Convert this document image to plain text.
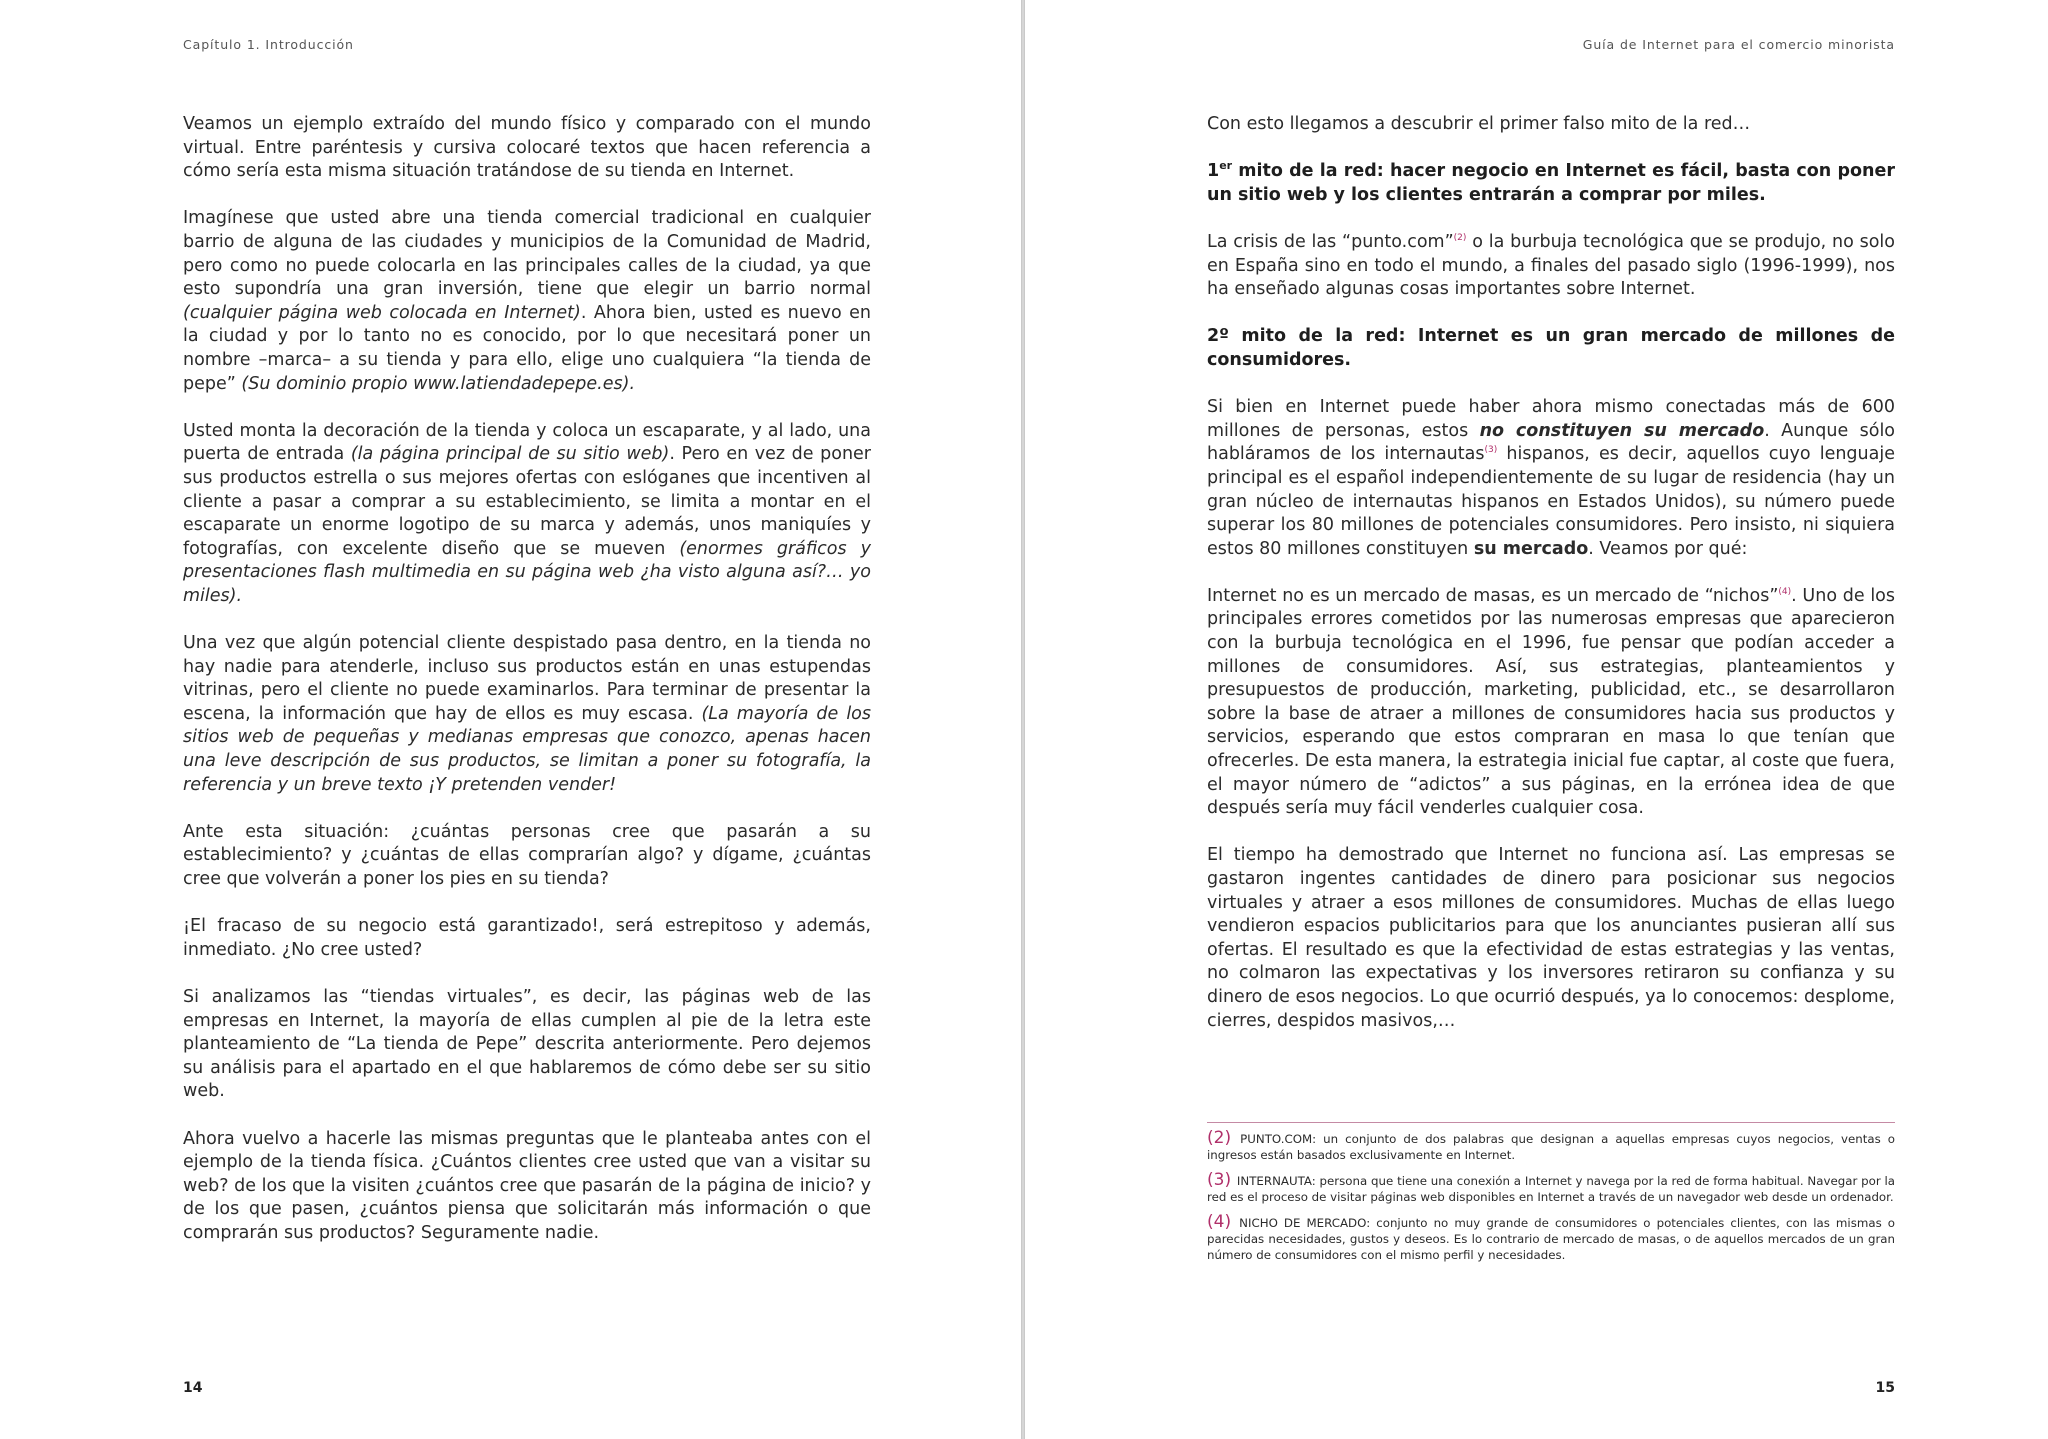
Capítulo 1. Introducción

Veamos un ejemplo extraído del mundo físico y comparado con el mundo virtual. Entre paréntesis y cursiva colocaré textos que hacen referencia a cómo sería esta misma situación tratándose de su tienda en Internet.

Imagínese que usted abre una tienda comercial tradicional en cualquier barrio de alguna de las ciudades y municipios de la Comunidad de Madrid, pero como no puede colocarla en las principales calles de la ciudad, ya que esto supondría una gran inversión, tiene que elegir un barrio normal (cualquier página web colocada en Internet). Ahora bien, usted es nuevo en la ciudad y por lo tanto no es conocido, por lo que necesitará poner un nombre –marca– a su tienda y para ello, elige uno cualquiera “la tienda de pepe” (Su dominio propio www.latiendadepepe.es).

Usted monta la decoración de la tienda y coloca un escaparate, y al lado, una puerta de entrada (la página principal de su sitio web). Pero en vez de poner sus productos estrella o sus mejores ofertas con eslóganes que incentiven al cliente a pasar a comprar a su establecimiento, se limita a montar en el escaparate un enorme logotipo de su marca y además, unos maniquíes y fotografías, con excelente diseño que se mueven (enormes gráficos y presentaciones flash multimedia en su página web ¿ha visto alguna así?… yo miles).

Una vez que algún potencial cliente despistado pasa dentro, en la tienda no hay nadie para atenderle, incluso sus productos están en unas estupendas vitrinas, pero el cliente no puede examinarlos. Para terminar de presentar la escena, la información que hay de ellos es muy escasa. (La mayoría de los sitios web de pequeñas y medianas empresas que conozco, apenas hacen una leve descripción de sus productos, se limitan a poner su fotografía, la referencia y un breve texto ¡Y pretenden vender!

Ante esta situación: ¿cuántas personas cree que pasarán a su establecimiento? y ¿cuántas de ellas comprarían algo? y dígame, ¿cuántas cree que volverán a poner los pies en su tienda?

¡El fracaso de su negocio está garantizado!, será estrepitoso y además, inmediato. ¿No cree usted?

Si analizamos las “tiendas virtuales”, es decir, las páginas web de las empresas en Internet, la mayoría de ellas cumplen al pie de la letra este planteamiento de “La tienda de Pepe” descrita anteriormente. Pero dejemos su análisis para el apartado en el que hablaremos de cómo debe ser su sitio web.

Ahora vuelvo a hacerle las mismas preguntas que le planteaba antes con el ejemplo de la tienda física. ¿Cuántos clientes cree usted que van a visitar su web? de los que la visiten ¿cuántos cree que pasarán de la página de inicio? y de los que pasen, ¿cuántos piensa que solicitarán más información o que comprarán sus productos? Seguramente nadie.

14
Guía de Internet para el comercio minorista

Con esto llegamos a descubrir el primer falso mito de la red…

1er mito de la red: hacer negocio en Internet es fácil, basta con poner un sitio web y los clientes entrarán a comprar por miles.

La crisis de las “punto.com”$^{(2)}$ o la burbuja tecnológica que se produjo, no solo en España sino en todo el mundo, a finales del pasado siglo (1996-1999), nos ha enseñado algunas cosas importantes sobre Internet.

2º mito de la red: Internet es un gran mercado de millones de consumidores.

Si bien en Internet puede haber ahora mismo conectadas más de 600 millones de personas, estos no constituyen su mercado. Aunque sólo habláramos de los internautas$^{(3)}$ hispanos, es decir, aquellos cuyo lenguaje principal es el español independientemente de su lugar de residencia (hay un gran núcleo de internautas hispanos en Estados Unidos), su número puede superar los 80 millones de potenciales consumidores. Pero insisto, ni siquiera estos 80 millones constituyen su mercado. Veamos por qué:

Internet no es un mercado de masas, es un mercado de “nichos”$^{(4)}$. Uno de los principales errores cometidos por las numerosas empresas que aparecieron con la burbuja tecnológica en el 1996, fue pensar que podían acceder a millones de consumidores. Así, sus estrategias, planteamientos y presupuestos de producción, marketing, publicidad, etc., se desarrollaron sobre la base de atraer a millones de consumidores hacia sus productos y servicios, esperando que estos compraran en masa lo que tenían que ofrecerles. De esta manera, la estrategia inicial fue captar, al coste que fuera, el mayor número de “adictos” a sus páginas, en la errónea idea de que después sería muy fácil venderles cualquier cosa.

El tiempo ha demostrado que Internet no funciona así. Las empresas se gastaron ingentes cantidades de dinero para posicionar sus negocios virtuales y atraer a esos millones de consumidores. Muchas de ellas luego vendieron espacios publicitarios para que los anunciantes pusieran allí sus ofertas. El resultado es que la efectividad de estas estrategias y las ventas, no colmaron las expectativas y los inversores retiraron su confianza y su dinero de esos negocios. Lo que ocurrió después, ya lo conocemos: desplome, cierres, despidos masivos,…

(2) PUNTO.COM: un conjunto de dos palabras que designan a aquellas empresas cuyos negocios, ventas o ingresos están basados exclusivamente en Internet.
(3) INTERNAUTA: persona que tiene una conexión a Internet y navega por la red de forma habitual. Navegar por la red es el proceso de visitar páginas web disponibles en Internet a través de un navegador web desde un ordenador.
(4) NICHO DE MERCADO: conjunto no muy grande de consumidores o potenciales clientes, con las mismas o parecidas necesidades, gustos y deseos. Es lo contrario de mercado de masas, o de aquellos mercados de un gran número de consumidores con el mismo perfil y necesidades.
15
